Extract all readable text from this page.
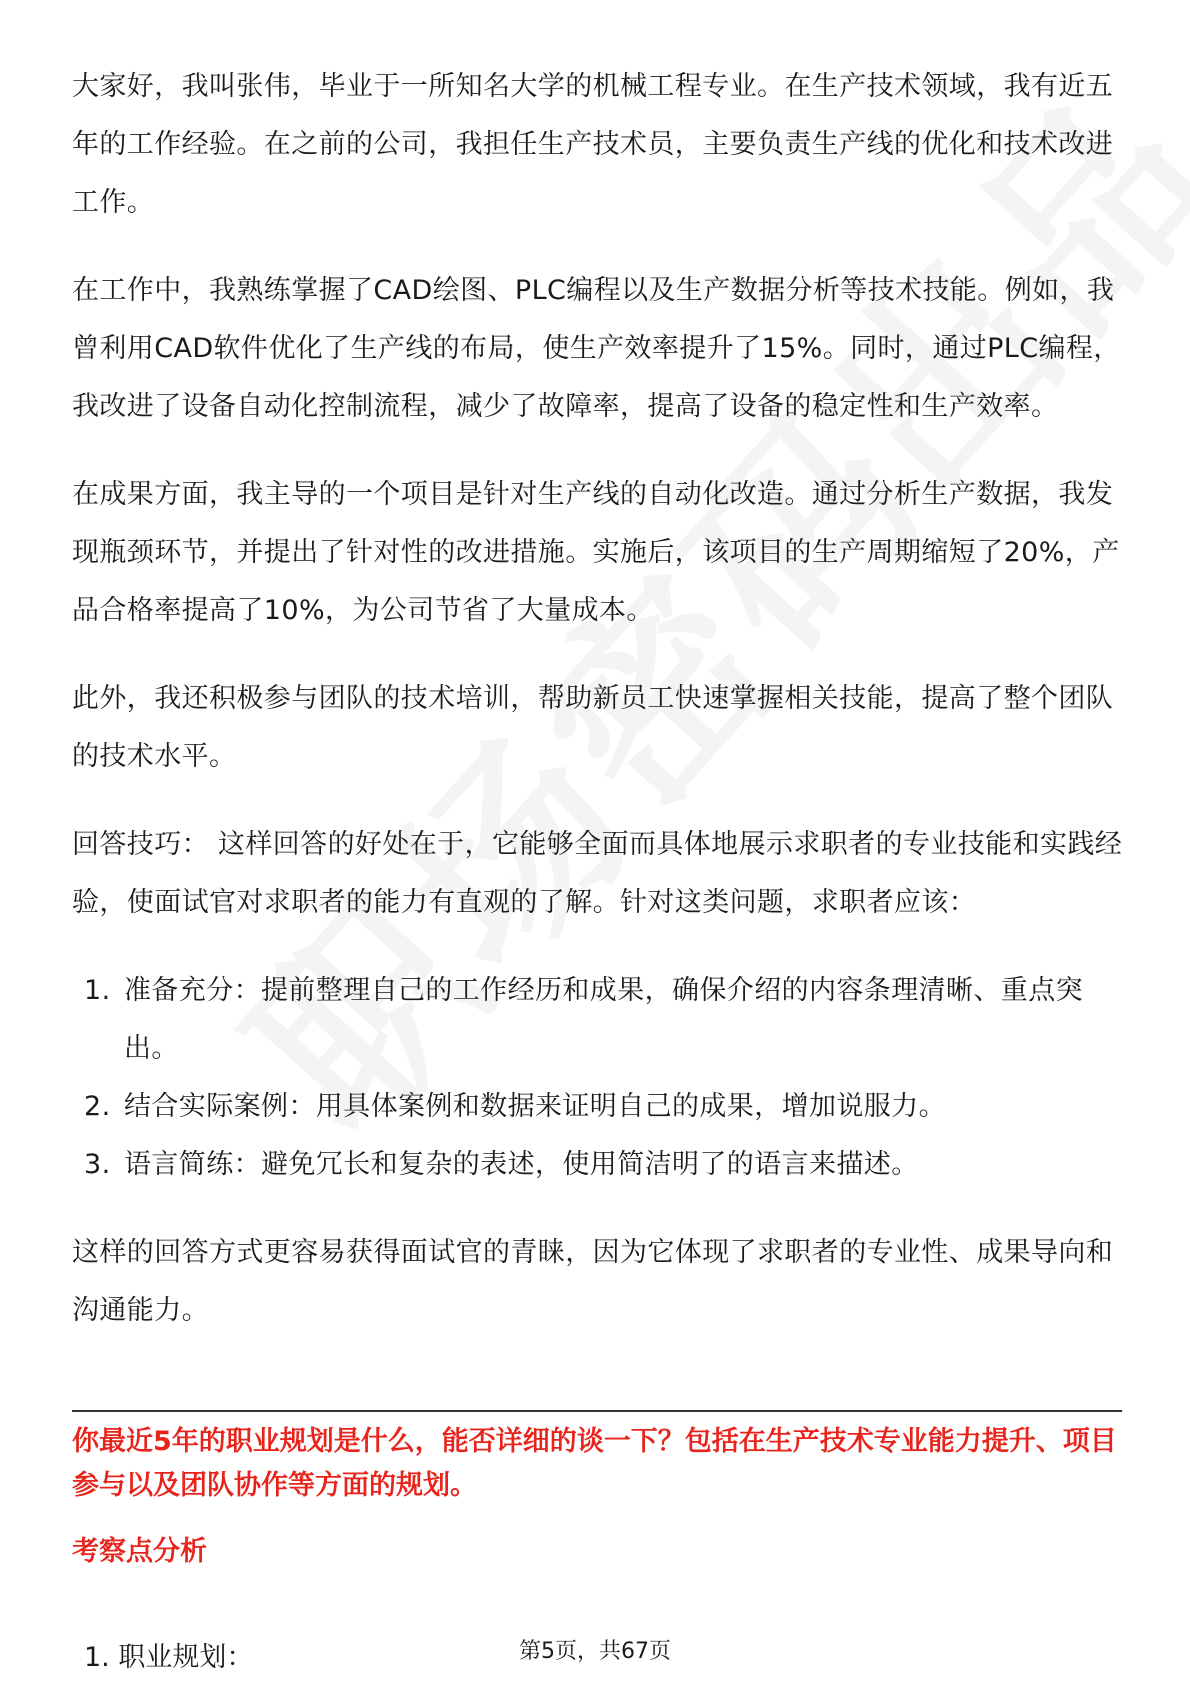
大家好，我叫张伟，毕业于一所知名大学的机械工程专业。在生产技术领域，我有近五年的工作经验。在之前的公司，我担任生产技术员，主要负责生产线的优化和技术改进工作。

在工作中，我熟练掌握了CAD绘图、PLC编程以及生产数据分析等技术技能。例如，我曾利用CAD软件优化了生产线的布局，使生产效率提升了15%。同时，通过PLC编程，我改进了设备自动化控制流程，减少了故障率，提高了设备的稳定性和生产效率。

在成果方面，我主导的一个项目是针对生产线的自动化改造。通过分析生产数据，我发现瓶颈环节，并提出了针对性的改进措施。实施后，该项目的生产周期缩短了20%，产品合格率提高了10%，为公司节省了大量成本。

此外，我还积极参与团队的技术培训，帮助新员工快速掌握相关技能，提高了整个团队的技术水平。

回答技巧： 这样回答的好处在于，它能够全面而具体地展示求职者的专业技能和实践经验，使面试官对求职者的能力有直观的了解。针对这类问题，求职者应该：

1. 准备充分：提前整理自己的工作经历和成果，确保介绍的内容条理清晰、重点突出。
2. 结合实际案例：用具体案例和数据来证明自己的成果，增加说服力。
3. 语言简练：避免冗长和复杂的表述，使用简洁明了的语言来描述。

这样的回答方式更容易获得面试官的青睐，因为它体现了求职者的专业性、成果导向和沟通能力。

你最近5年的职业规划是什么，能否详细的谈一下？包括在生产技术专业能力提升、项目参与以及团队协作等方面的规划。
考察点分析
1. 职业规划：	第5页，共67页
